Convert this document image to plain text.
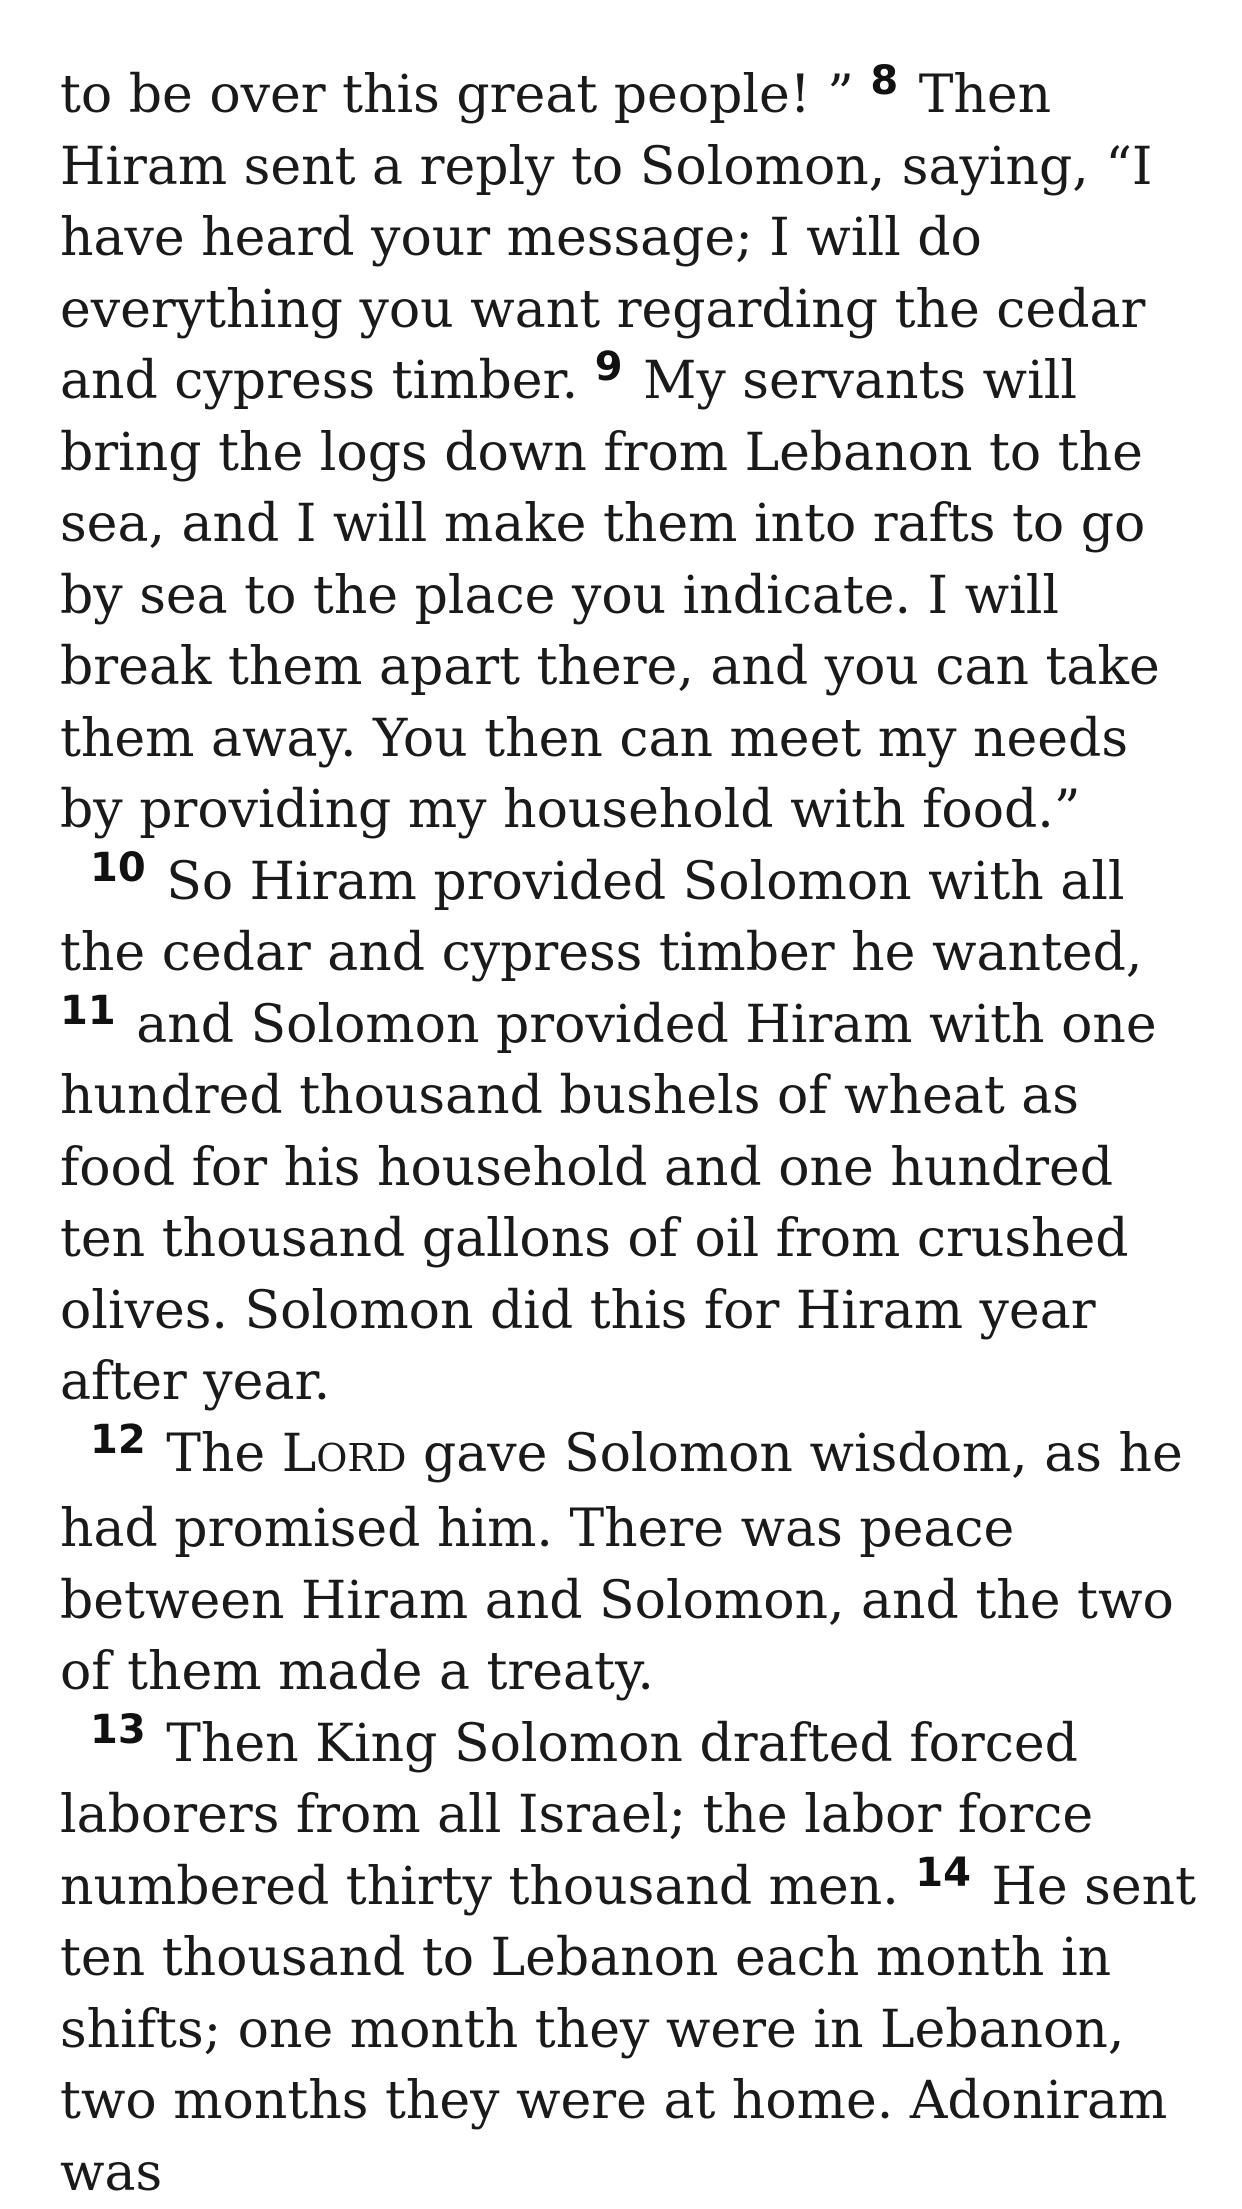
to be over this great people! ” $^8$ Then Hiram sent a reply to Solomon, saying, “I have heard your message; I will do everything you want regarding the cedar and cypress timber. $^9$ My servants will bring the logs down from Lebanon to the sea, and I will make them into rafts to go by sea to the place you indicate. I will break them apart there, and you can take them away. You then can meet my needs by providing my household with food.”

$^{10}$ So Hiram provided Solomon with all the cedar and cypress timber he wanted, $^{11}$ and Solomon provided Hiram with one hundred thousand bushels of wheat as food for his household and one hundred ten thousand gallons of oil from crushed olives. Solomon did this for Hiram year after year.

$^{12}$ The LORD gave Solomon wisdom, as he had promised him. There was peace between Hiram and Solomon, and the two of them made a treaty.

$^{13}$ Then King Solomon drafted forced laborers from all Israel; the labor force numbered thirty thousand men. $^{14}$ He sent ten thousand to Lebanon each month in shifts; one month they were in Lebanon, two months they were at home. Adoniram was
